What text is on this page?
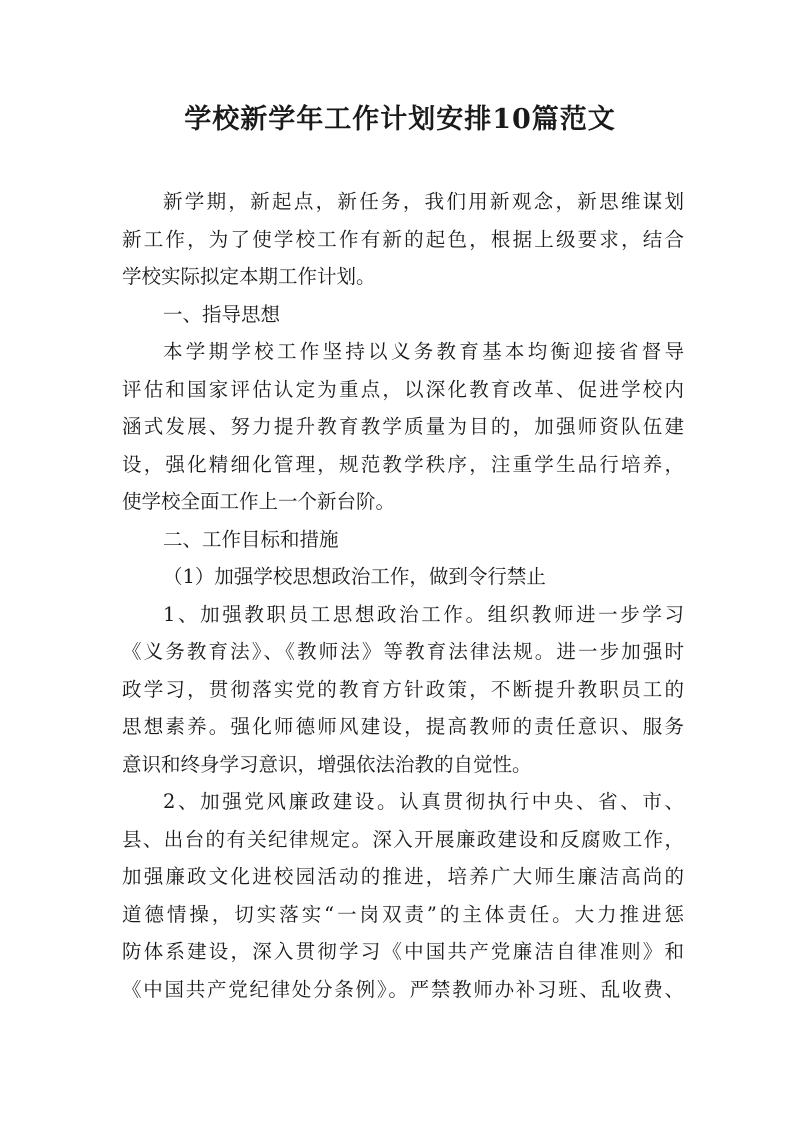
学校新学年工作计划安排10篇范文
新学期，新起点，新任务，我们用新观念，新思维谋划
新工作，为了使学校工作有新的起色，根据上级要求，结合
学校实际拟定本期工作计划。
一、指导思想
本学期学校工作坚持以义务教育基本均衡迎接省督导
评估和国家评估认定为重点，以深化教育改革、促进学校内
涵式发展、努力提升教育教学质量为目的，加强师资队伍建
设，强化精细化管理，规范教学秩序，注重学生品行培养，
使学校全面工作上一个新台阶。
二、工作目标和措施
（1）加强学校思想政治工作，做到令行禁止
1、加强教职员工思想政治工作。组织教师进一步学习
《义务教育法》、《教师法》等教育法律法规。进一步加强时
政学习，贯彻落实党的教育方针政策，不断提升教职员工的
思想素养。强化师德师风建设，提高教师的责任意识、服务
意识和终身学习意识，增强依法治教的自觉性。
2、加强党风廉政建设。认真贯彻执行中央、省、市、
县、出台的有关纪律规定。深入开展廉政建设和反腐败工作，
加强廉政文化进校园活动的推进，培养广大师生廉洁高尚的
道德情操，切实落实“一岗双责”的主体责任。大力推进惩
防体系建设，深入贯彻学习《中国共产党廉洁自律准则》和
《中国共产党纪律处分条例》。严禁教师办补习班、乱收费、
